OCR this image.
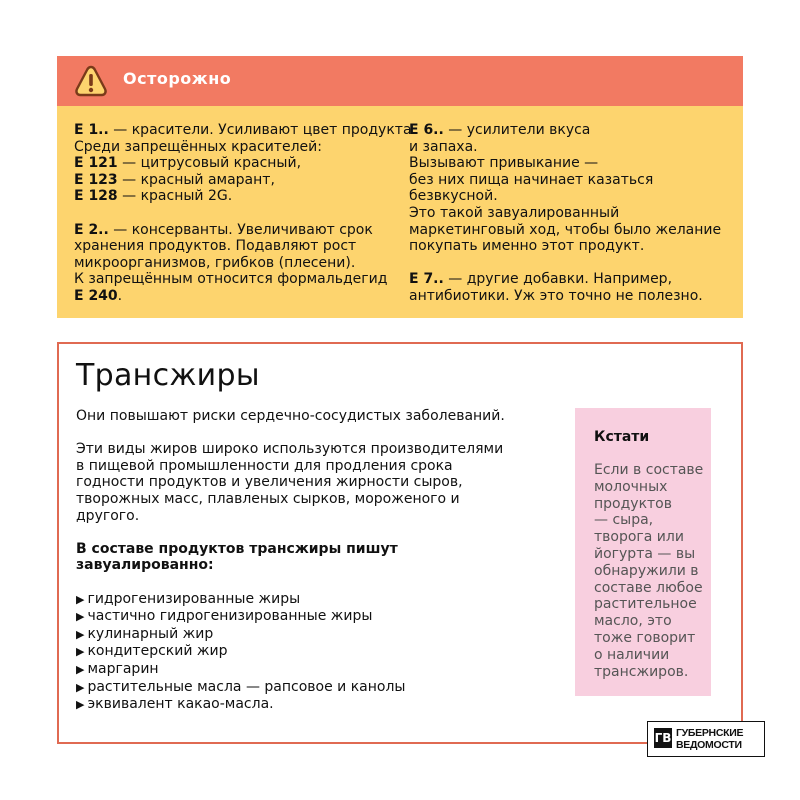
Осторожно
E 1.. — красители. Усиливают цвет продукта.
Среди запрещённых красителей:
E 121 — цитрусовый красный,
E 123 — красный амарант,
E 128 — красный 2G.
E 2.. — консерванты. Увеличивают срок
хранения продуктов. Подавляют рост
микроорганизмов, грибков (плесени).
К запрещённым относится формальдегид
E 240.
E 6.. — усилители вкуса
и запаха.
Вызывают привыкание —
без них пища начинает казаться
безвкусной.
Это такой завуалированный
маркетинговый ход, чтобы было желание
покупать именно этот продукт.
E 7.. — другие добавки. Например,
антибиотики. Уж это точно не полезно.
Трансжиры
Они повышают риски сердечно-сосудистых заболеваний.
Эти виды жиров широко используются производителями
в пищевой промышленности для продления срока
годности продуктов и увеличения жирности сыров,
творожных масс, плавленых сырков, мороженого и
другого.
В составе продуктов трансжиры пишут
завуалированно:
▶ гидрогенизированные жиры
▶ частично гидрогенизированные жиры
▶ кулинарный жир
▶ кондитерский жир
▶ маргарин
▶ растительные масла — рапсовое и канолы
▶ эквивалент какао-масла.
Кстати
Если в составе
молочных
продуктов
— сыра,
творога или
йогурта — вы
обнаружили в
составе любое
растительное
масло, это
тоже говорит
о наличии
трансжиров.
ГВ ГУБЕРНСКИЕ
ВЕДОМОСТИ
